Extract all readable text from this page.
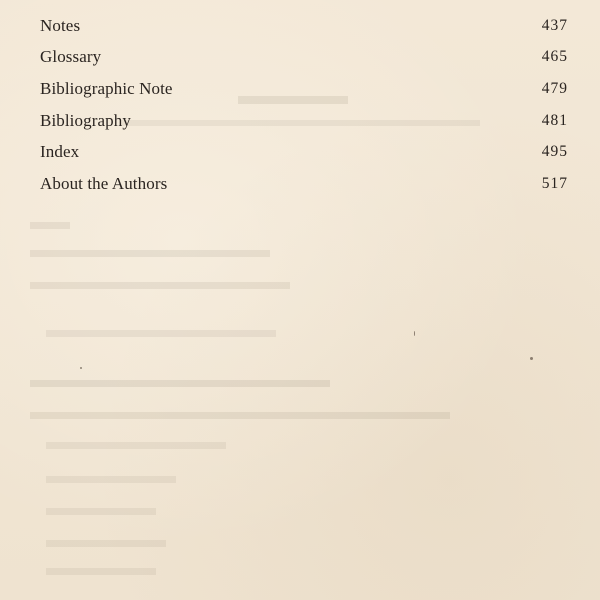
Notes	437
Glossary	465
Bibliographic Note	479
Bibliography	481
Index	495
About the Authors	517
